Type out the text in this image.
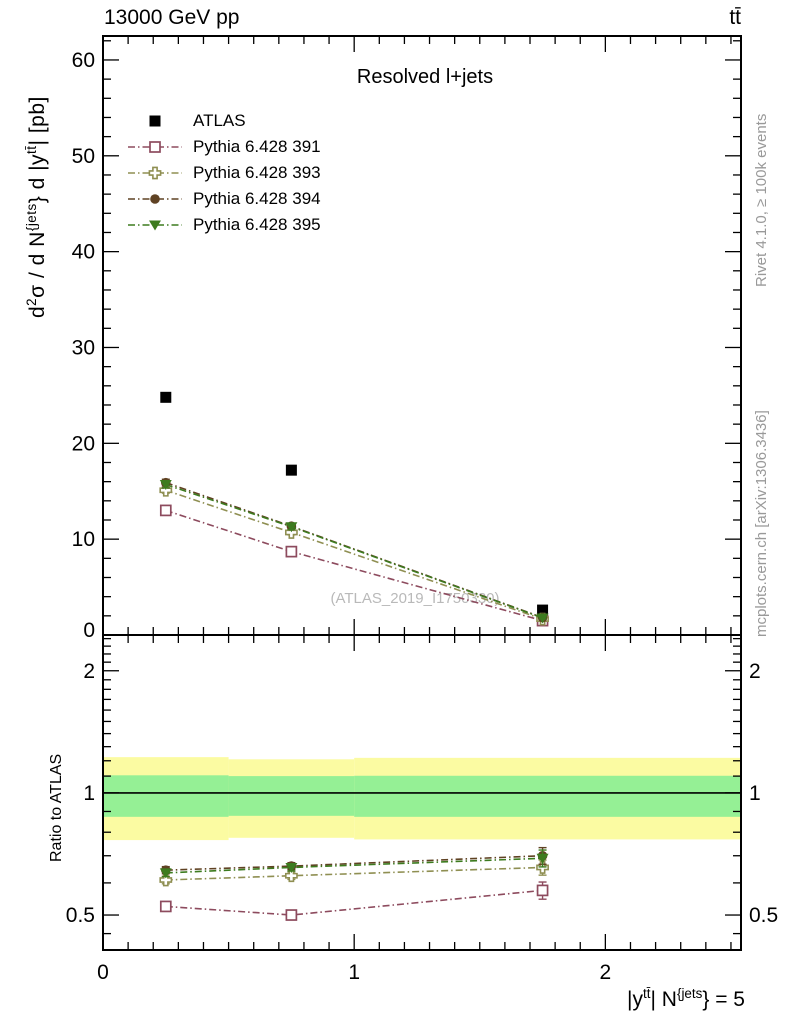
13000 GeV pp	tt̄
$d^2\sigma$ / d $N^{\{jets}$} d $|y^{tt̄}|$ [pb]
Ratio to ATLAS
Rivet 4.1.0, ≥ 100k events
mcplots.cern.ch [arXiv:1306.3436]
Resolved l+jets
(ATLAS_2019_I1750330)
ATLAS
Pythia 6.428 391
Pythia 6.428 393
Pythia 6.428 394
Pythia 6.428 395
0
10
20
30
40
50
60
0.5	0.5
1	1
2	2
0	1	2
$|y^{tt̄}|$ $N^{\{jets}\} = 5$
